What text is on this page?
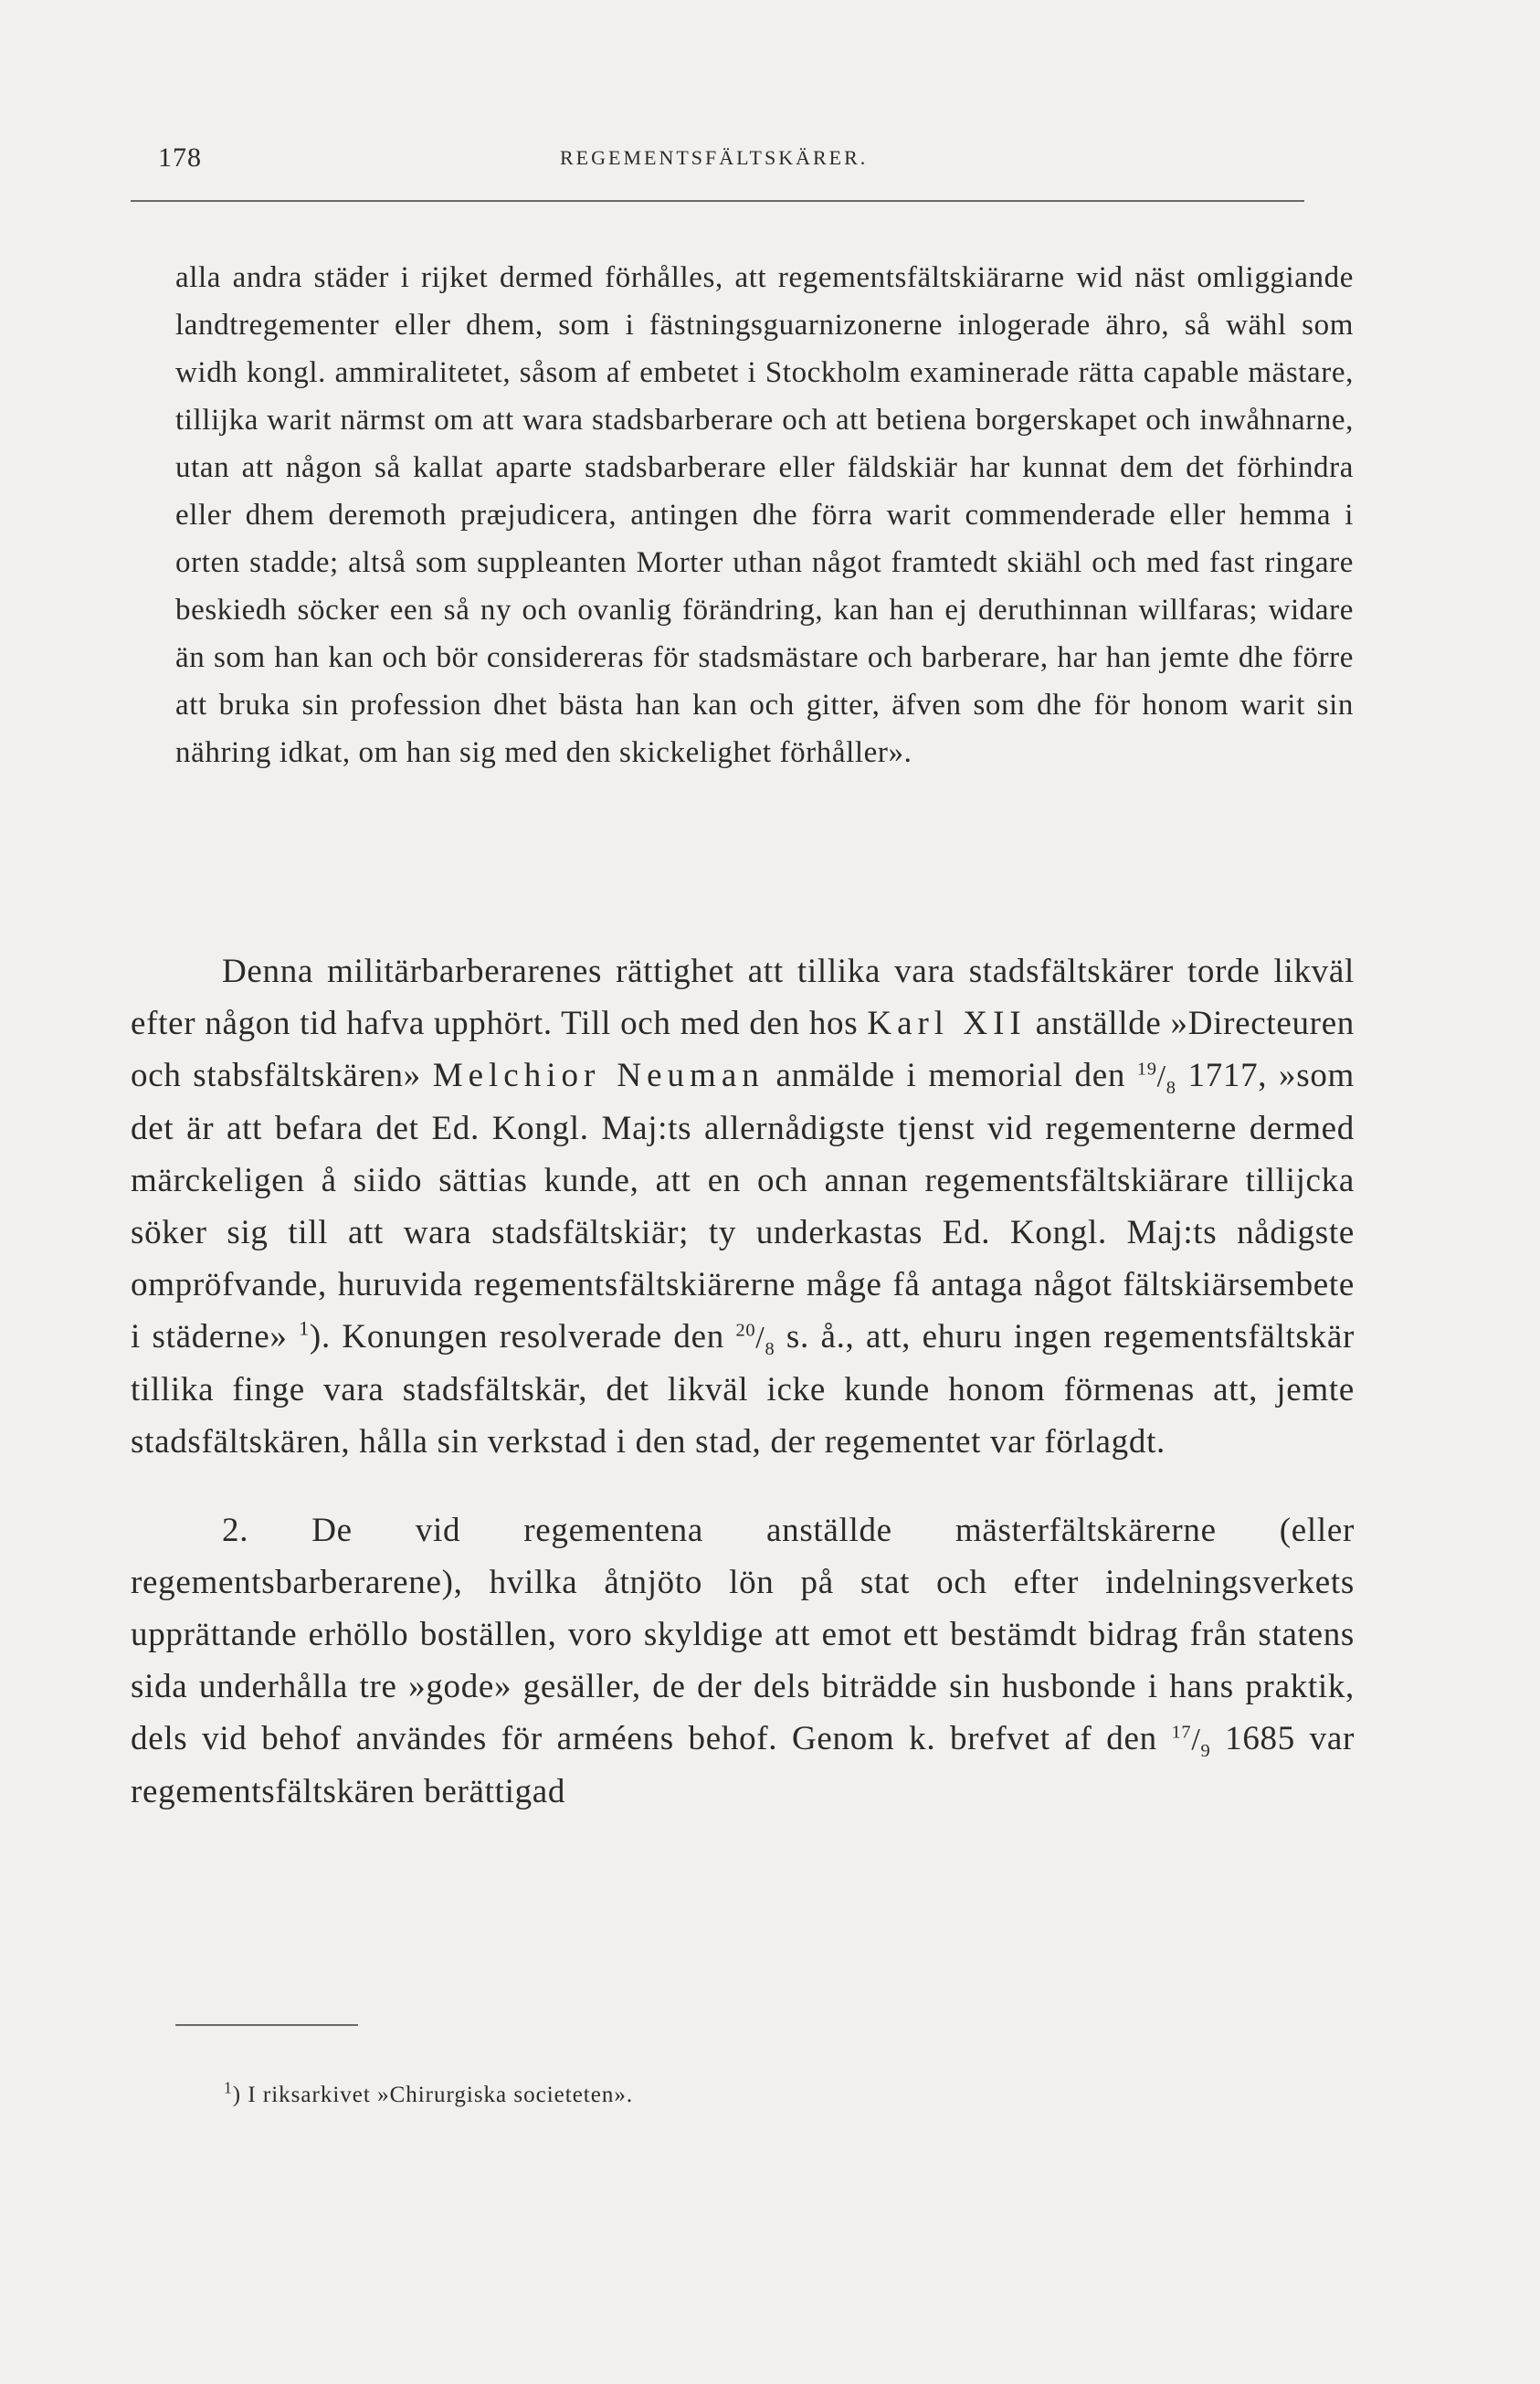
178	REGEMENTSFÄLTSKÄRER.

alla andra städer i rijket dermed förhålles, att regementsfältskiärarne wid näst omliggiande landtregementer eller dhem, som i fästningsguarnizonerne inlogerade ähro, så wähl som widh kongl. ammiralitetet, såsom af embetet i Stockholm examinerade rätta capable mästare, tillijka warit närmst om att wara stadsbarberare och att betiena borgerskapet och inwåhnarne, utan att någon så kallat aparte stadsbarberare eller fäldskiär har kunnat dem det förhindra eller dhem deremoth præjudicera, antingen dhe förra warit commenderade eller hemma i orten stadde; altså som suppleanten Morter uthan något framtedt skiähl och med fast ringare beskiedh söcker een så ny och ovanlig förändring, kan han ej deruthinnan willfaras; widare än som han kan och bör considereras för stadsmästare och barberare, har han jemte dhe förre att bruka sin profession dhet bästa han kan och gitter, äfven som dhe för honom warit sin nähring idkat, om han sig med den skickelighet förhåller».

Denna militärbarberarenes rättighet att tillika vara stadsfältskärer torde likväl efter någon tid hafva upphört. Till och med den hos Karl XII anställde »Directeuren och stabsfältskären» Melchior Neuman anmälde i memorial den $^{19}/_8$ 1717, »som det är att befara det Ed. Kongl. Maj:ts allernådigste tjenst vid regementerne dermed märckeligen å siido sättias kunde, att en och annan regementsfältskiärare tillijcka söker sig till att wara stadsfältskiär; ty underkastas Ed. Kongl. Maj:ts nådigste ompröfvande, huruvida regementsfältskiärerne måge få antaga något fältskiärsembete i städerne» $^1$). Konungen resolverade den $^{20}/_8$ s. å., att, ehuru ingen regementsfältskär tillika finge vara stadsfältskär, det likväl icke kunde honom förmenas att, jemte stadsfältskären, hålla sin verkstad i den stad, der regementet var förlagdt.

2. De vid regementena anställde mästerfältskärerne (eller regementsbarberarene), hvilka åtnjöto lön på stat och efter indelningsverkets upprättande erhöllo boställen, voro skyldige att emot ett bestämdt bidrag från statens sida underhålla tre »gode» gesäller, de der dels biträdde sin husbonde i hans praktik, dels vid behof användes för arméens behof. Genom k. brefvet af den $^{17}/_9$ 1685 var regementsfältskären berättigad

$^1$) I riksarkivet »Chirurgiska societeten».
